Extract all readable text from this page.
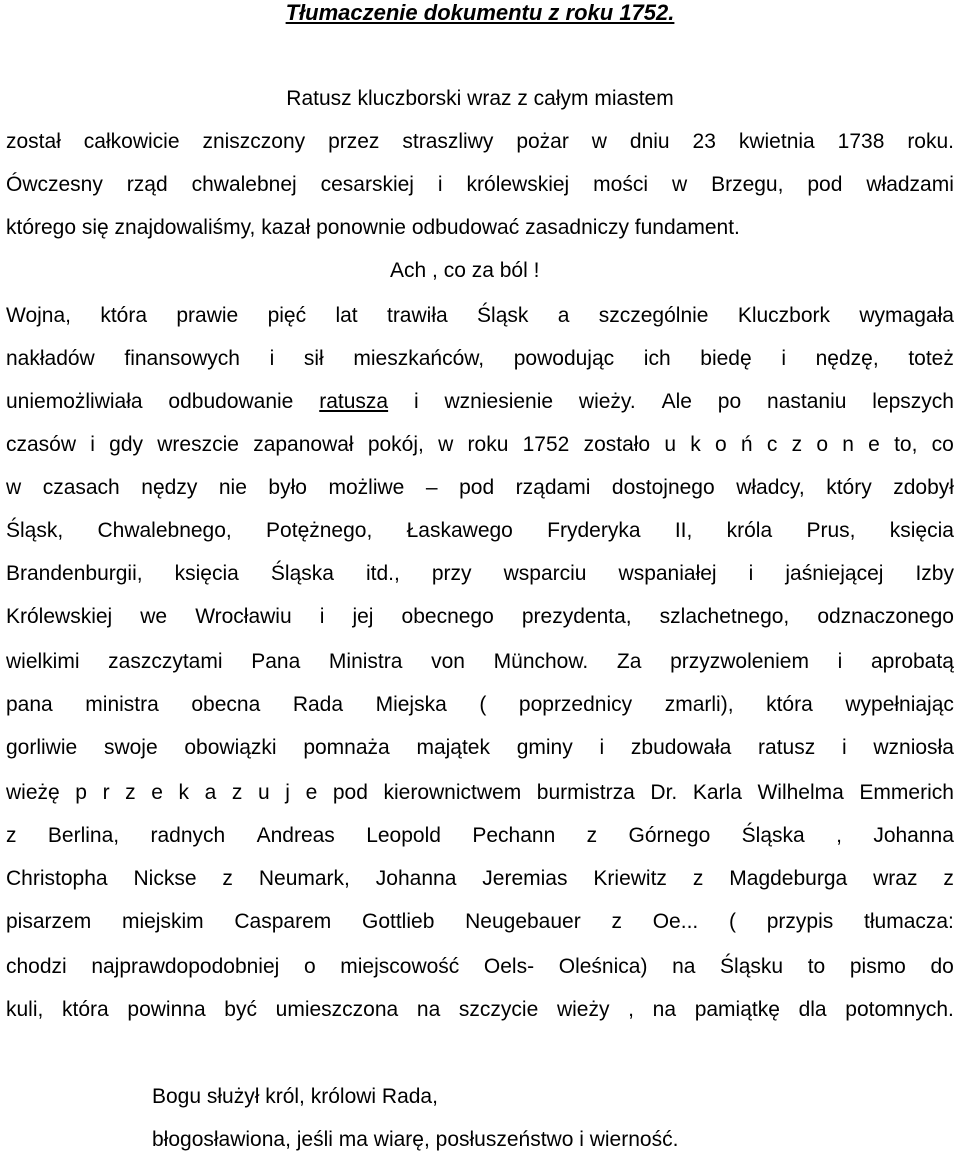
Tłumaczenie dokumentu z roku 1752.
Ratusz kluczborski wraz z całym miastem
został całkowicie zniszczony przez straszliwy pożar w dniu 23 kwietnia 1738 roku.
Ówczesny rząd chwalebnej cesarskiej i królewskiej mości w Brzegu, pod władzami
którego się znajdowaliśmy, kazał ponownie odbudować zasadniczy fundament.
Ach , co za ból !
Wojna, która prawie pięć lat trawiła Śląsk a szczególnie Kluczbork wymagała
nakładów finansowych i sił mieszkańców, powodując ich biedę i nędzę, toteż
uniemożliwiała odbudowanie ratusza i wzniesienie wieży. Ale po nastaniu lepszych
czasów i gdy wreszcie zapanował pokój, w roku 1752 zostało u k o ń c z o n e to, co
w czasach nędzy nie było możliwe – pod rządami dostojnego władcy, który zdobył
Śląsk, Chwalebnego, Potężnego, Łaskawego Fryderyka II, króla Prus, księcia
Brandenburgii, księcia Śląska itd., przy wsparciu wspaniałej i jaśniejącej Izby
Królewskiej we Wrocławiu i jej obecnego prezydenta, szlachetnego, odznaczonego
wielkimi zaszczytami Pana Ministra von Münchow. Za przyzwoleniem i aprobatą
pana ministra obecna Rada Miejska ( poprzednicy zmarli), która wypełniając
gorliwie swoje obowiązki pomnaża majątek gminy i zbudowała ratusz i wzniosła
wieżę p r z e k a z u j e pod kierownictwem burmistrza Dr. Karla Wilhelma Emmerich
z Berlina, radnych Andreas Leopold Pechann z Górnego Śląska , Johanna
Christopha Nickse z Neumark, Johanna Jeremias Kriewitz z Magdeburga wraz z
pisarzem miejskim Casparem Gottlieb Neugebauer z Oe... ( przypis tłumacza:
chodzi najprawdopodobniej o miejscowość Oels- Oleśnica) na Śląsku to pismo do
kuli, która powinna być umieszczona na szczycie wieży , na pamiątkę dla potomnych.
Bogu służył król, królowi Rada,
błogosławiona, jeśli ma wiarę, posłuszeństwo i wierność.
